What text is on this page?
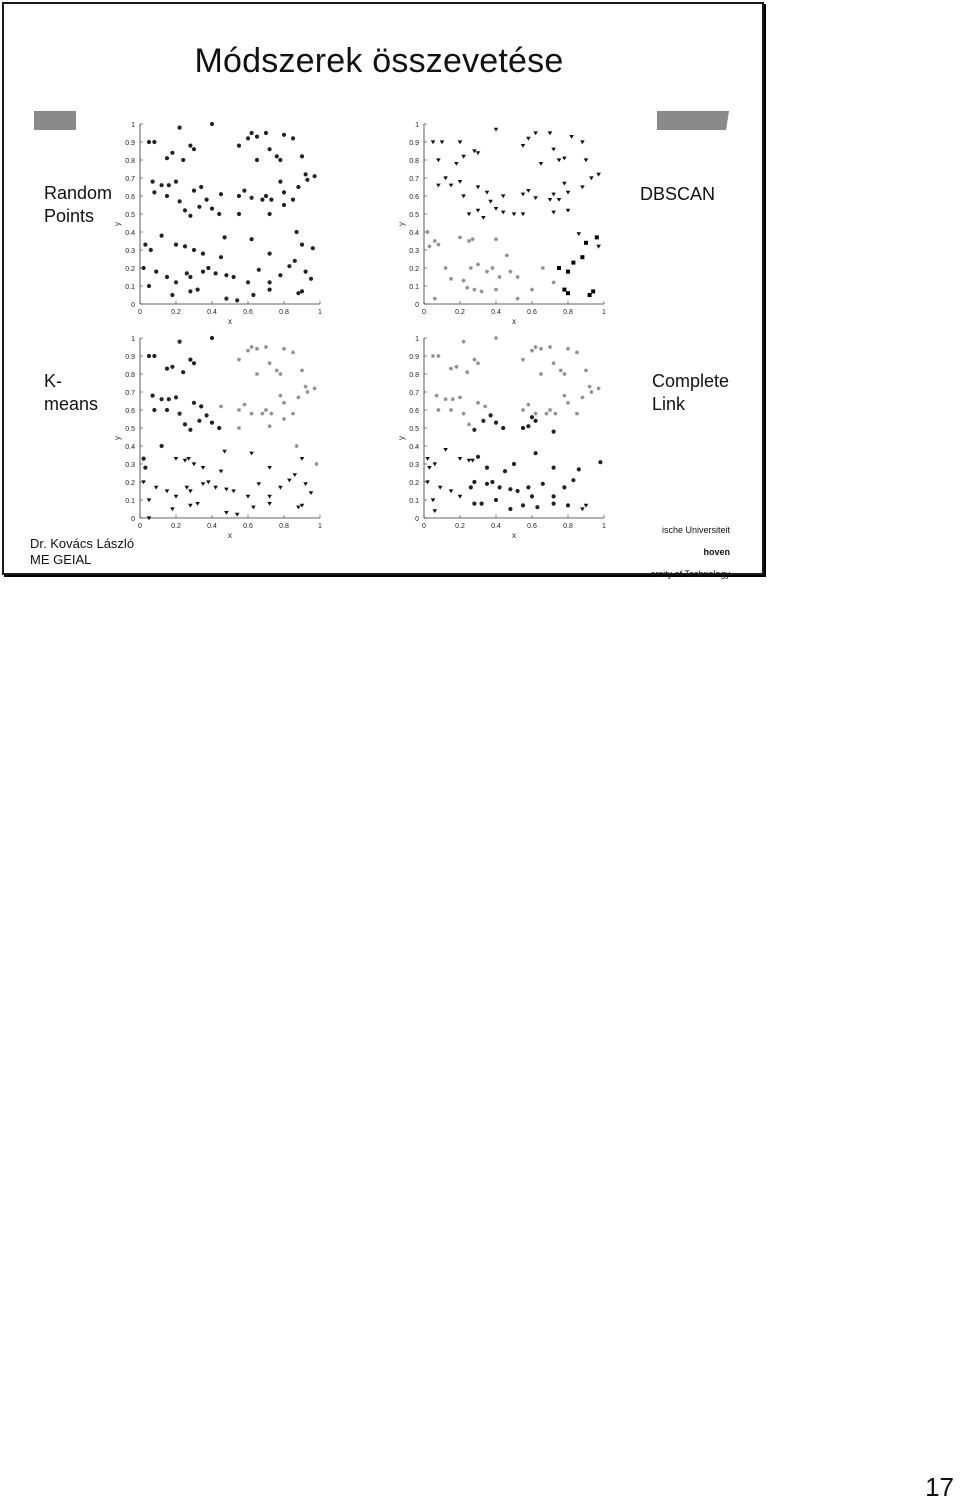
Módszerek összevetése
Random
Points
DBSCAN
K-
means
Complete
Link
0
0.1
0.2
0.3
0.4
0.5
0.6
0.7
0.8
0.9
1
0	0.2	0.4	0.6	0.8	1
x
y
0
0.1
0.2
0.3
0.4
0.5
0.6
0.7
0.8
0.9
1
0	0.2	0.4	0.6	0.8	1
x
y
0
0.1
0.2
0.3
0.4
0.5
0.6
0.7
0.8
0.9
1
0	0.2	0.4	0.6	0.8	1
x
y
0
0.1
0.2
0.3
0.4
0.5
0.6
0.7
0.8
0.9
1
0	0.2	0.4	0.6	0.8	1
x
y
Dr. Kovács László
ME GEIAL

ische Universiteit

hoven

ersity of Technology

17
